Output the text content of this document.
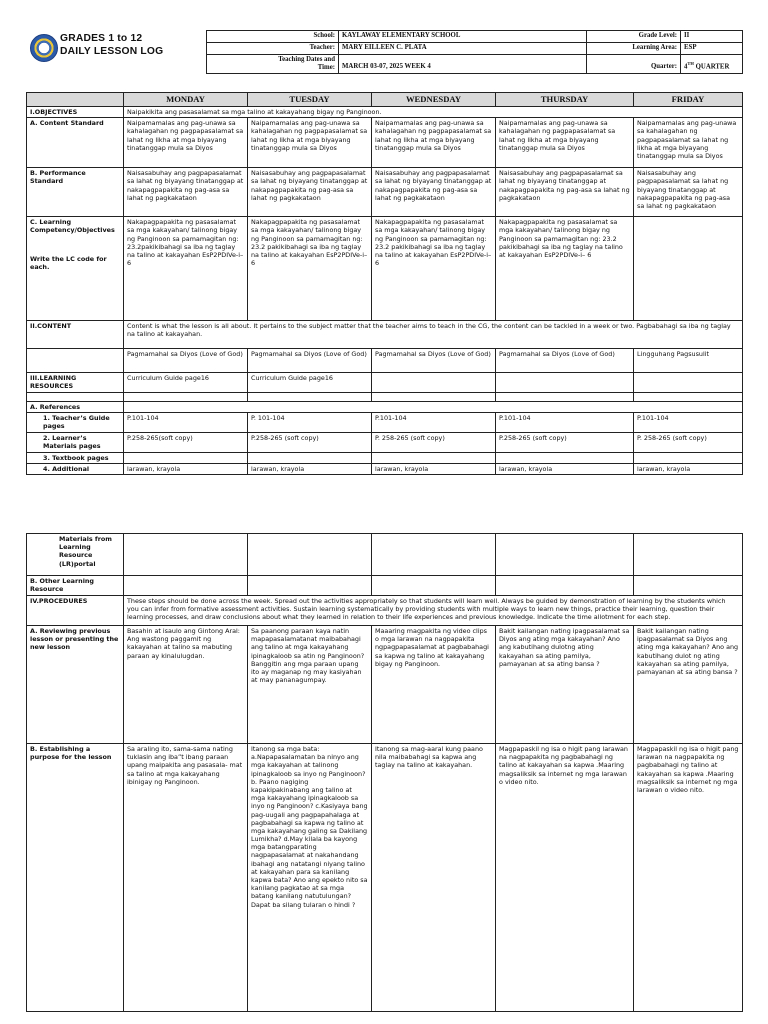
GRADES 1 to 12
DAILY LESSON LOG
School:	KAYLAWAY ELEMENTARY SCHOOL	Grade Level:	II
Teacher:	MARY EILLEEN C. PLATA	Learning Area:	ESP
Teaching Dates and
Time:	MARCH 03-07, 2025 WEEK 4	Quarter:	4TH QUARTER
	MONDAY	TUESDAY	WEDNESDAY	THURSDAY	FRIDAY
I.OBJECTIVES	Naipakikita ang pasasalamat sa mga talino at kakayahang bigay ng Panginoon.				
A. Content Standard	Naipamamalas ang pag-unawa sa kahalagahan ng pagpapasalamat sa lahat ng likha at mga biyayang tinatanggap mula sa Diyos	Naipamamalas ang pag-unawa sa kahalagahan ng pagpapasalamat sa lahat ng likha at mga biyayang tinatanggap mula sa Diyos	Naipamamalas ang pag-unawa sa kahalagahan ng pagpapasalamat sa lahat ng likha at mga biyayang tinatanggap mula sa Diyos	Naipamamalas ang pag-unawa sa kahalagahan ng pagpapasalamat sa lahat ng likha at mga biyayang tinatanggap mula sa Diyos	Naipamamalas ang pag-unawa sa kahalagahan ng pagpapasalamat sa lahat ng likha at mga biyayang tinatanggap mula sa Diyos
B. Performance Standard	Naisasabuhay ang pagpapasalamat sa lahat ng biyayang tinatanggap at nakapagpapakita ng pag-asa sa lahat ng pagkakataon	Naisasabuhay ang pagpapasalamat sa lahat ng biyayang tinatanggap at nakapagpapakita ng pag-asa sa lahat ng pagkakataon	Naisasabuhay ang pagpapasalamat sa lahat ng biyayang tinatanggap at nakapagpapakita ng pag-asa sa lahat ng pagkakataon	Naisasabuhay ang pagpapasalamat sa lahat ng biyayang tinatanggap at nakapagpapakita ng pag-asa sa lahat ng pagkakataon	Naisasabuhay ang pagpapasalamat sa lahat ng biyayang tinatanggap at nakapagpapakita ng pag-asa sa lahat ng pagkakataon

C. Learning Competency/Objectives
Write the LC code for each.	Nakapagpapakita ng pasasalamat sa mga kakayahan/ talinong bigay ng Panginoon sa pamamagitan ng: 23.2pakikibahagi sa iba ng taglay na talino at kakayahan EsP2PDIVe-i– 6	Nakapagpapakita ng pasasalamat sa mga kakayahan/ talinong bigay ng Panginoon sa pamamagitan ng: 23.2 pakikibahagi sa iba ng taglay na talino at kakayahan EsP2PDIVe-i– 6	Nakapagpapakita ng pasasalamat sa mga kakayahan/ talinong bigay ng Panginoon sa pamamagitan ng: 23.2 pakikibahagi sa iba ng taglay na talino at kakayahan EsP2PDIVe-i– 6	Nakapagpapakita ng pasasalamat sa mga kakayahan/ talinong bigay ng Panginoon sa pamamagitan ng: 23.2 pakikibahagi sa iba ng taglay na talino at kakayahan EsP2PDIVe-i– 6	
II.CONTENT	Content is what the lesson is all about. It pertains to the subject matter that the teacher aims to teach in the CG, the content can be tackled in a week or two. Pagbabahagi sa iba ng taglay na talino at kakayahan.				
	Pagmamahal sa Diyos (Love of God)	Pagmamahal sa Diyos (Love of God)	Pagmamahal sa Diyos (Love of God)	Pagmamahal sa Diyos (Love of God)	Lingguhang Pagsusulit
III.LEARNING RESOURCES	Curriculum Guide page16	Curriculum Guide page16			

A. References					
1. Teacher’s Guide pages	P.101-104	P. 101-104	P.101-104	P.101-104	P.101-104
2. Learner’s Materials pages	P.258-265(soft copy)	P.258-265 (soft copy)	P. 258-265 (soft copy)	P.258-265 (soft copy)	P. 258-265 (soft copy)
3. Textbook pages					
4. Additional	larawan, krayola	larawan, krayola	larawan, krayola	larawan, krayola	larawan, krayola
Materials from Learning Resource (LR)portal					
B. Other Learning Resource					
IV.PROCEDURES	These steps should be done across the week. Spread out the activities appropriately so that students will learn well. Always be guided by demonstration of learning by the students which you can infer from formative assessment activities. Sustain learning systematically by providing students with multiple ways to learn new things, practice their learning, question their learning processes, and draw conclusions about what they learned in relation to their life experiences and previous knowledge. Indicate the time allotment for each step.				
A. Reviewing previous lesson or presenting the new lesson	Basahin at isaulo ang Gintong Aral: Ang wastong paggamit ng kakayahan at talino sa mabuting paraan ay kinalulugdan.	Sa paanong paraan kaya natin mapapasalamatanat maibabahagi ang talino at mga kakayahang ipinagkaloob sa atin ng Panginoon? Banggitin ang mga paraan upang ito ay maganap ng may kasiyahan at may pananagumpay.	Maaaring magpakita ng video clips o mga larawan na nagpapakita ngpagpapasalamat at pagbabahagi sa kapwa ng talino at kakayahang bigay ng Panginoon.	Bakit kailangan nating ipagpasalamat sa Diyos ang ating mga kakayahan? Ano ang kabutihang dulotng ating kakayahan sa ating pamilya, pamayanan at sa ating bansa ?	Bakit kailangan nating ipagpasalamat sa Diyos ang ating mga kakayahan? Ano ang kabutihang dulot ng ating kakayahan sa ating pamilya, pamayanan at sa ating bansa ?
B. Establishing a purpose for the lesson	Sa araling ito, sama-sama nating tuklasin ang iba”t ibang paraan upang maipakita ang pasasala- mat sa talino at mga kakayahang ibinigay ng Panginoon.	Itanong sa mga bata: a.Napapasalamatan ba ninyo ang mga kakayahan at talinong ipinagkaloob sa inyo ng Panginoon? b. Paano nagiging kapakipakinabang ang talino at mga kakayahang ipinagkaloob sa inyo ng Panginoon? c.Kasiyaya bang pag-uugali ang pagpapahalaga at pagbabahagi sa kapwa ng talino at mga kakayahang galing sa Dakilang Lumikha? d.May kilala ba kayong mga batangparating nagpapasalamat at nakahandang ibahagi ang natatangi niyang talino at kakayahan para sa kanilang kapwa bata? Ano ang epekto nito sa kanilang pagkatao at sa mga batang kanilang natutulungan? Dapat ba silang tularan o hindi ?	Itanong sa mag-aaral kung paano nila maibabahagi sa kapwa ang taglay na talino at kakayahan.	Magpapaskil ng isa o higit pang larawan na nagpapakita ng pagbabahagi ng talino at kakayahan sa kapwa .Maaring magsaliksik sa internet ng mga larawan o video nito.	Magpapaskil ng isa o higit pang larawan na nagpapakita ng pagbabahagi ng talino at kakayahan sa kapwa .Maaring magsaliksik sa internet ng mga larawan o video nito.
